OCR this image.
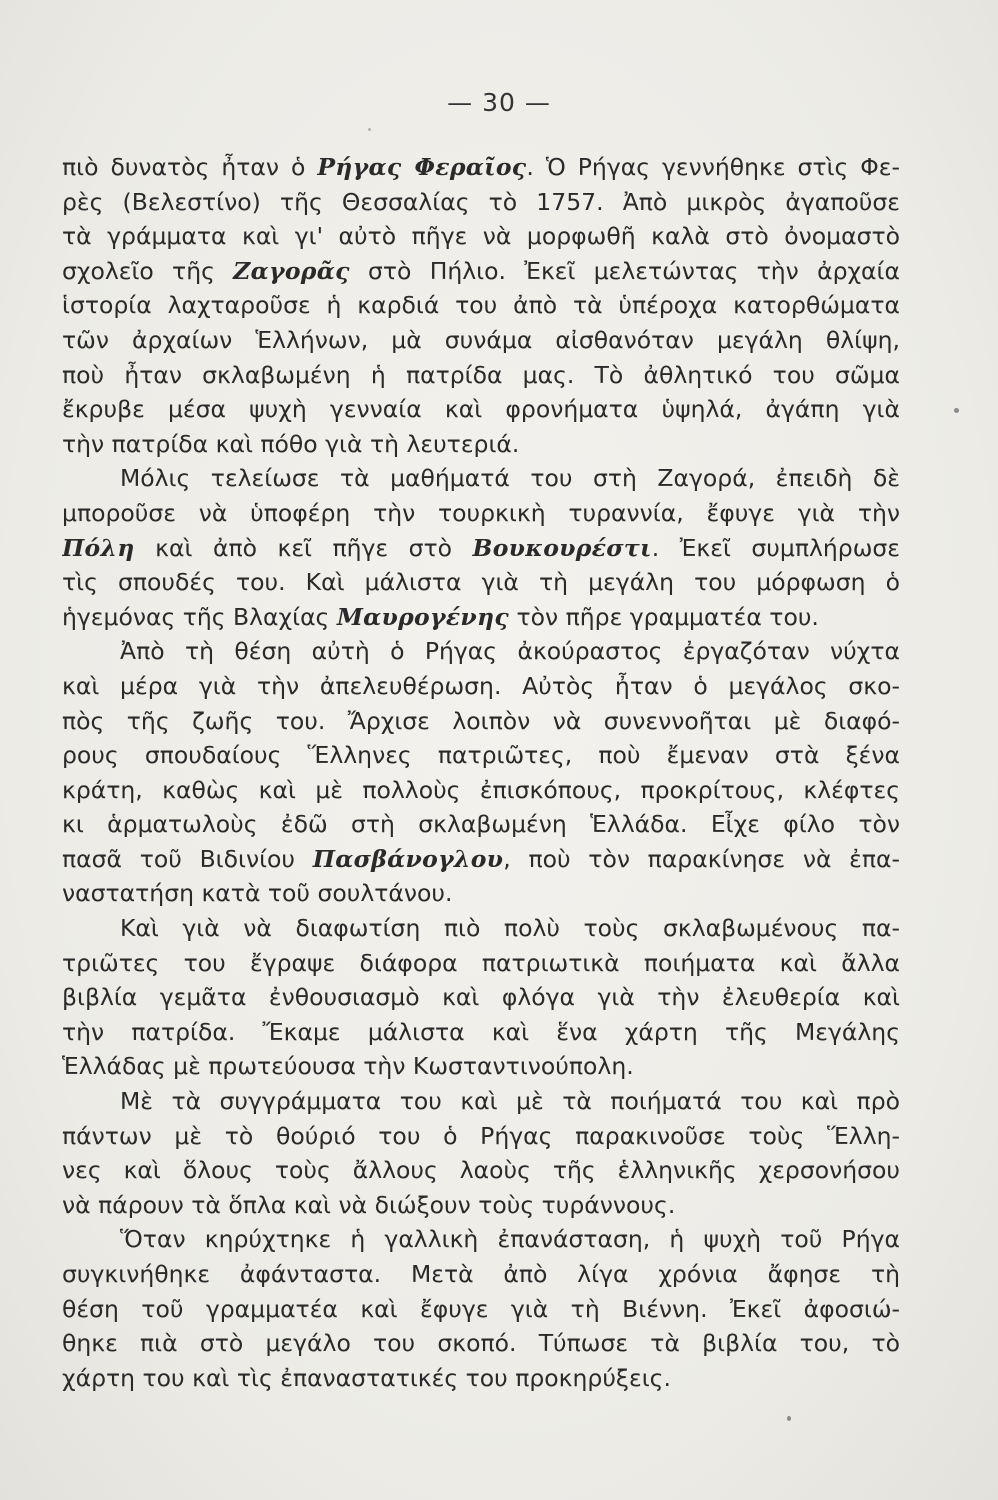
— 30 —
πιὸ δυνατὸς ἦταν ὁ Ρήγας Φεραῖος. Ὁ Ρήγας γεννήθηκε στὶς Φε-
ρὲς (Βελεστίνο) τῆς Θεσσαλίας τὸ 1757. Ἀπὸ μικρὸς ἀγαποῦσε
τὰ γράμματα καὶ γι' αὐτὸ πῆγε νὰ μορφωθῆ καλὰ στὸ ὀνομαστὸ
σχολεῖο τῆς Ζαγορᾶς στὸ Πήλιο. Ἐκεῖ μελετώντας τὴν ἀρχαία
ἱστορία λαχταροῦσε ἡ καρδιά του ἀπὸ τὰ ὑπέροχα κατορθώματα
τῶν ἀρχαίων Ἑλλήνων, μὰ συνάμα αἰσθανόταν μεγάλη θλίψη,
ποὺ ἦταν σκλαβωμένη ἡ πατρίδα μας. Τὸ ἀθλητικό του σῶμα
ἔκρυβε μέσα ψυχὴ γενναία καὶ φρονήματα ὑψηλά, ἀγάπη γιὰ
τὴν πατρίδα καὶ πόθο γιὰ τὴ λευτεριά.
Μόλις τελείωσε τὰ μαθήματά του στὴ Ζαγορά, ἐπειδὴ δὲ
μποροῦσε νὰ ὑποφέρη τὴν τουρκικὴ τυραννία, ἔφυγε γιὰ τὴν
Πόλη καὶ ἀπὸ κεῖ πῆγε στὸ Βουκουρέστι. Ἐκεῖ συμπλήρωσε
τὶς σπουδές του. Καὶ μάλιστα γιὰ τὴ μεγάλη του μόρφωση ὁ
ἡγεμόνας τῆς Βλαχίας Μαυρογένης τὸν πῆρε γραμματέα του.
Ἀπὸ τὴ θέση αὐτὴ ὁ Ρήγας ἀκούραστος ἐργαζόταν νύχτα
καὶ μέρα γιὰ τὴν ἀπελευθέρωση. Αὐτὸς ἦταν ὁ μεγάλος σκο-
πὸς τῆς ζωῆς του. Ἄρχισε λοιπὸν νὰ συνεννοῆται μὲ διαφό-
ρους σπουδαίους Ἕλληνες πατριῶτες, ποὺ ἔμεναν στὰ ξένα
κράτη, καθὼς καὶ μὲ πολλοὺς ἐπισκόπους, προκρίτους, κλέφτες
κι ἁρματωλοὺς ἐδῶ στὴ σκλαβωμένη Ἑλλάδα. Εἶχε φίλο τὸν
πασᾶ τοῦ Βιδινίου Πασβάνογλου, ποὺ τὸν παρακίνησε νὰ ἐπα-
ναστατήση κατὰ τοῦ σουλτάνου.
Καὶ γιὰ νὰ διαφωτίση πιὸ πολὺ τοὺς σκλαβωμένους πα-
τριῶτες του ἔγραψε διάφορα πατριωτικὰ ποιήματα καὶ ἄλλα
βιβλία γεμᾶτα ἐνθουσιασμὸ καὶ φλόγα γιὰ τὴν ἐλευθερία καὶ
τὴν πατρίδα. Ἔκαμε μάλιστα καὶ ἕνα χάρτη τῆς Μεγάλης
Ἑλλάδας μὲ πρωτεύουσα τὴν Κωσταντινούπολη.
Μὲ τὰ συγγράμματα του καὶ μὲ τὰ ποιήματά του καὶ πρὸ
πάντων μὲ τὸ θούριό του ὁ Ρήγας παρακινοῦσε τοὺς Ἕλλη-
νες καὶ ὅλους τοὺς ἄλλους λαοὺς τῆς ἑλληνικῆς χερσονήσου
νὰ πάρουν τὰ ὅπλα καὶ νὰ διώξουν τοὺς τυράννους.
Ὅταν κηρύχτηκε ἡ γαλλικὴ ἐπανάσταση, ἡ ψυχὴ τοῦ Ρήγα
συγκινήθηκε ἀφάνταστα. Μετὰ ἀπὸ λίγα χρόνια ἄφησε τὴ
θέση τοῦ γραμματέα καὶ ἔφυγε γιὰ τὴ Βιέννη. Ἐκεῖ ἀφοσιώ-
θηκε πιὰ στὸ μεγάλο του σκοπό. Τύπωσε τὰ βιβλία του, τὸ
χάρτη του καὶ τὶς ἐπαναστατικές του προκηρύξεις.
